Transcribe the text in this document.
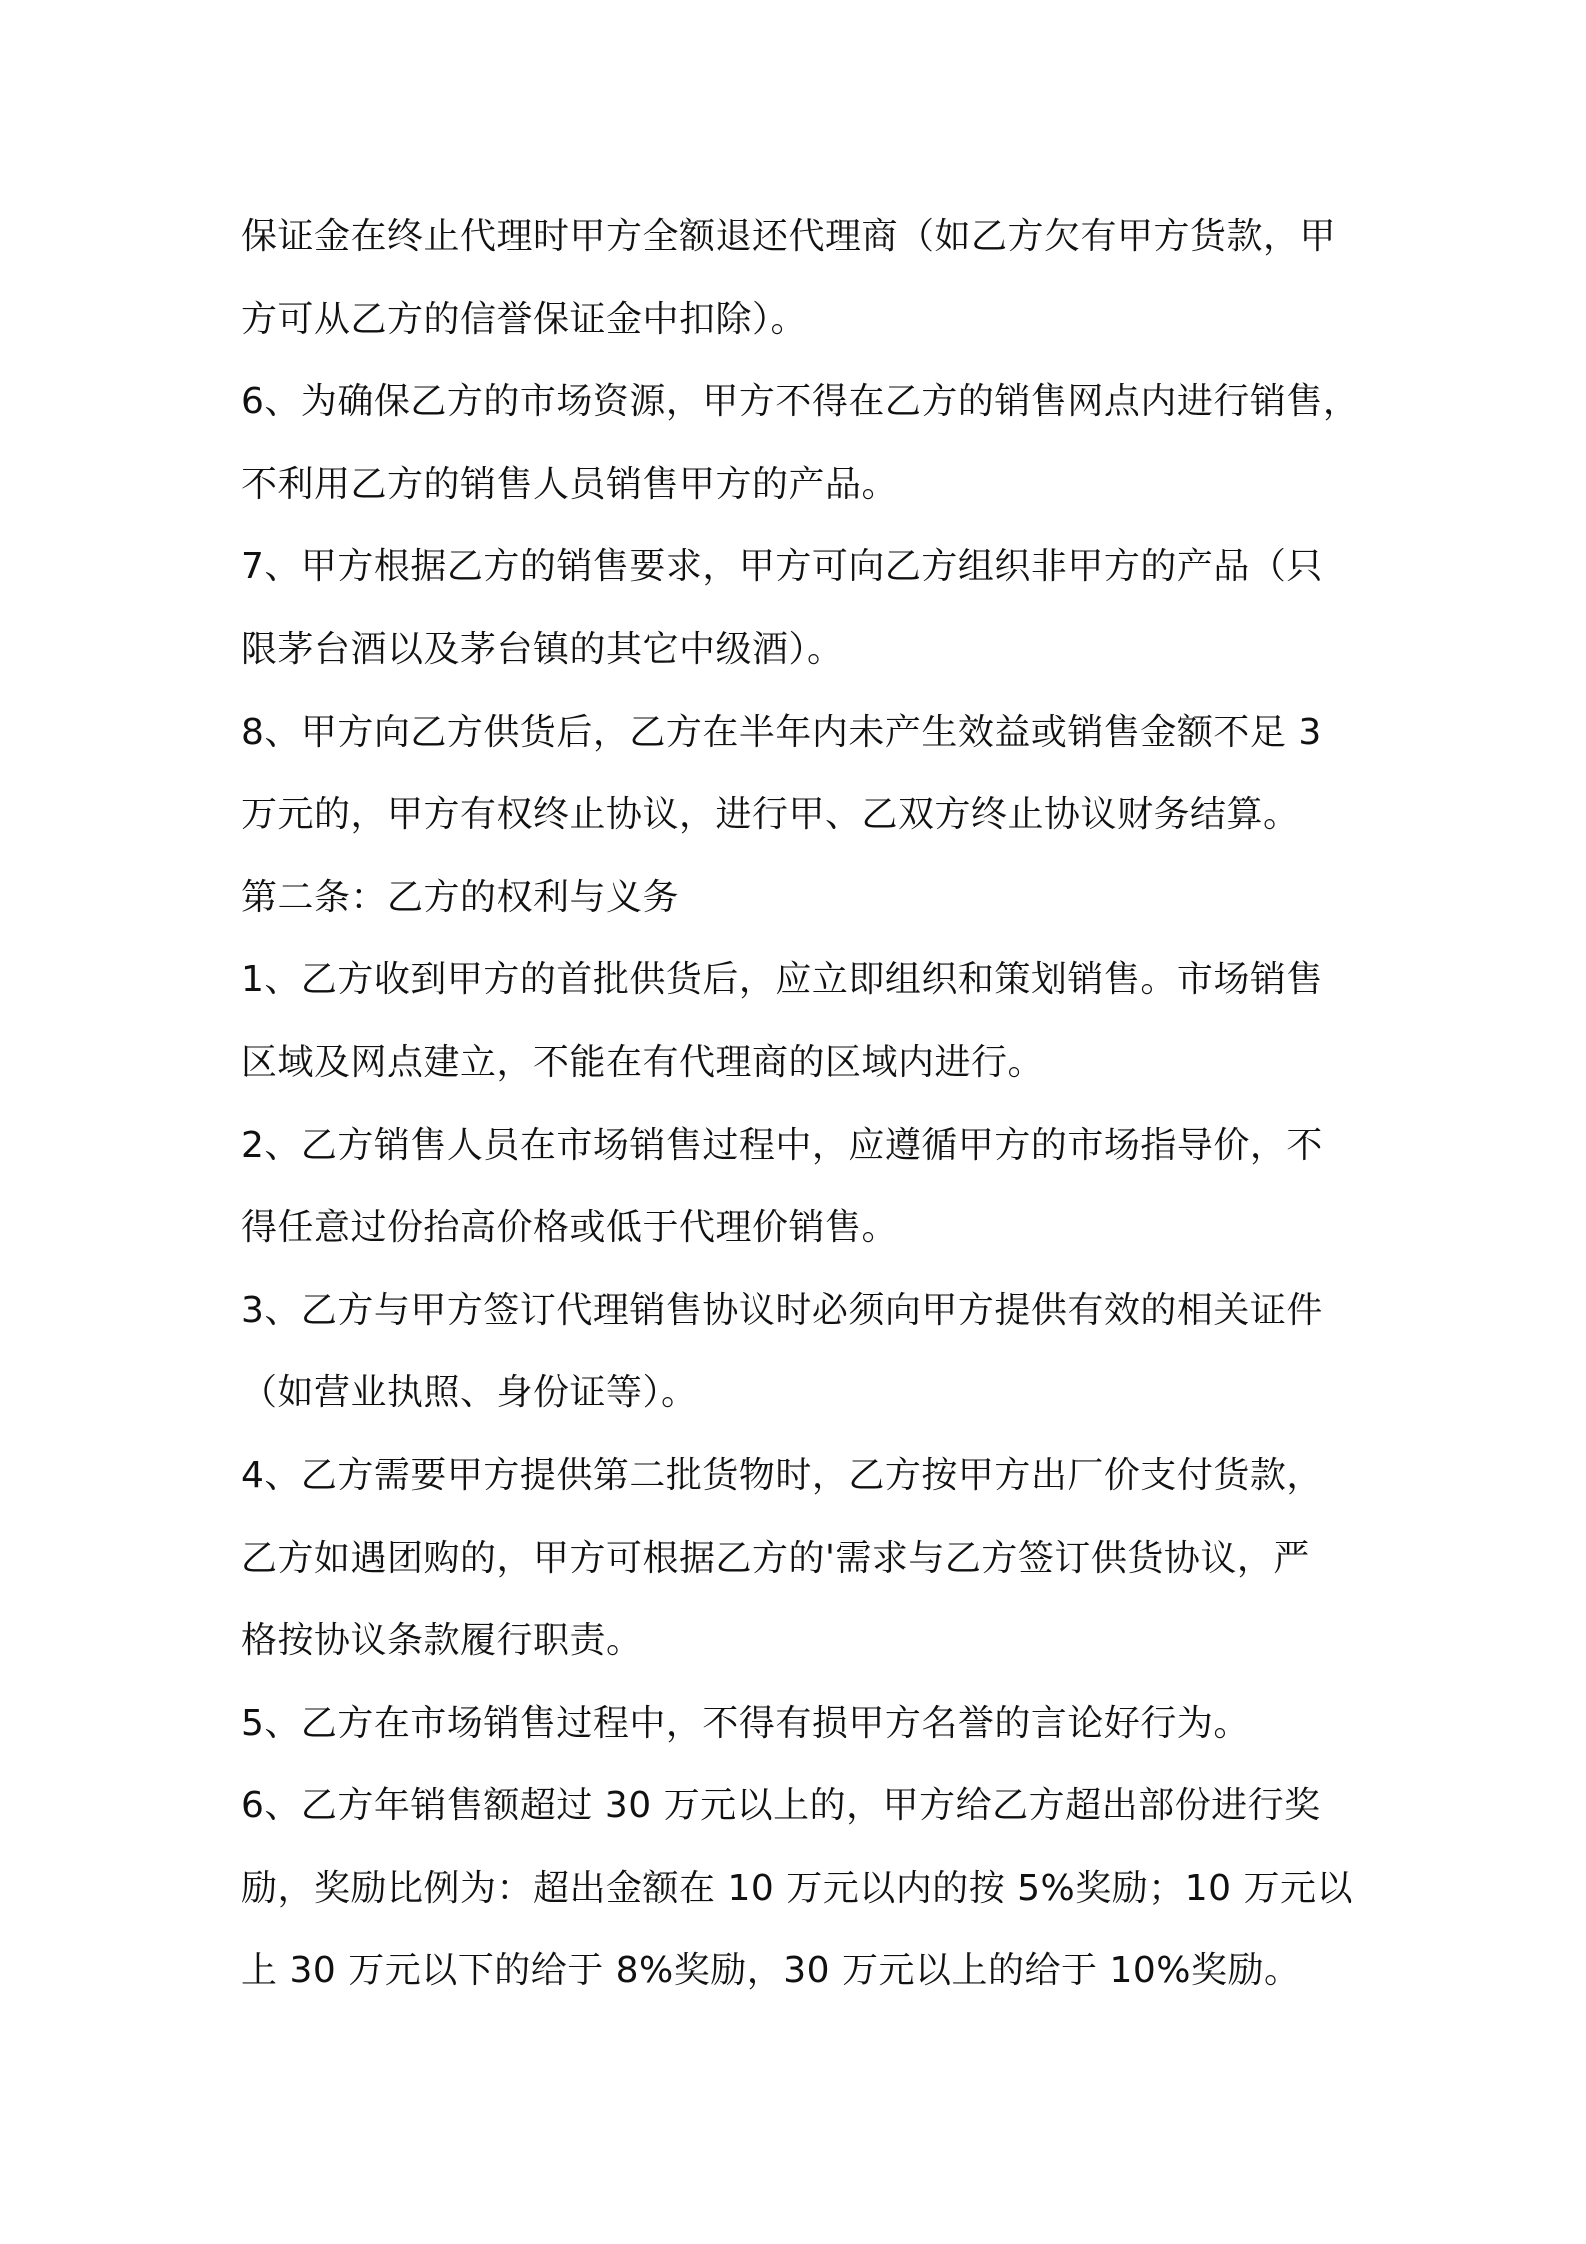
保证金在终止代理时甲方全额退还代理商（如乙方欠有甲方货款，甲
方可从乙方的信誉保证金中扣除）。
6、为确保乙方的市场资源，甲方不得在乙方的销售网点内进行销售，
不利用乙方的销售人员销售甲方的产品。
7、甲方根据乙方的销售要求，甲方可向乙方组织非甲方的产品（只
限茅台酒以及茅台镇的其它中级酒）。
8、甲方向乙方供货后，乙方在半年内未产生效益或销售金额不足 3
万元的，甲方有权终止协议，进行甲、乙双方终止协议财务结算。
第二条：乙方的权利与义务
1、乙方收到甲方的首批供货后，应立即组织和策划销售。市场销售
区域及网点建立，不能在有代理商的区域内进行。
2、乙方销售人员在市场销售过程中，应遵循甲方的市场指导价，不
得任意过份抬高价格或低于代理价销售。
3、乙方与甲方签订代理销售协议时必须向甲方提供有效的相关证件
（如营业执照、身份证等）。
4、乙方需要甲方提供第二批货物时，乙方按甲方出厂价支付货款，
乙方如遇团购的，甲方可根据乙方的'需求与乙方签订供货协议，严
格按协议条款履行职责。
5、乙方在市场销售过程中，不得有损甲方名誉的言论好行为。
6、乙方年销售额超过 30 万元以上的，甲方给乙方超出部份进行奖
励，奖励比例为：超出金额在 10 万元以内的按 5%奖励；10 万元以
上 30 万元以下的给于 8%奖励，30 万元以上的给于 10%奖励。
